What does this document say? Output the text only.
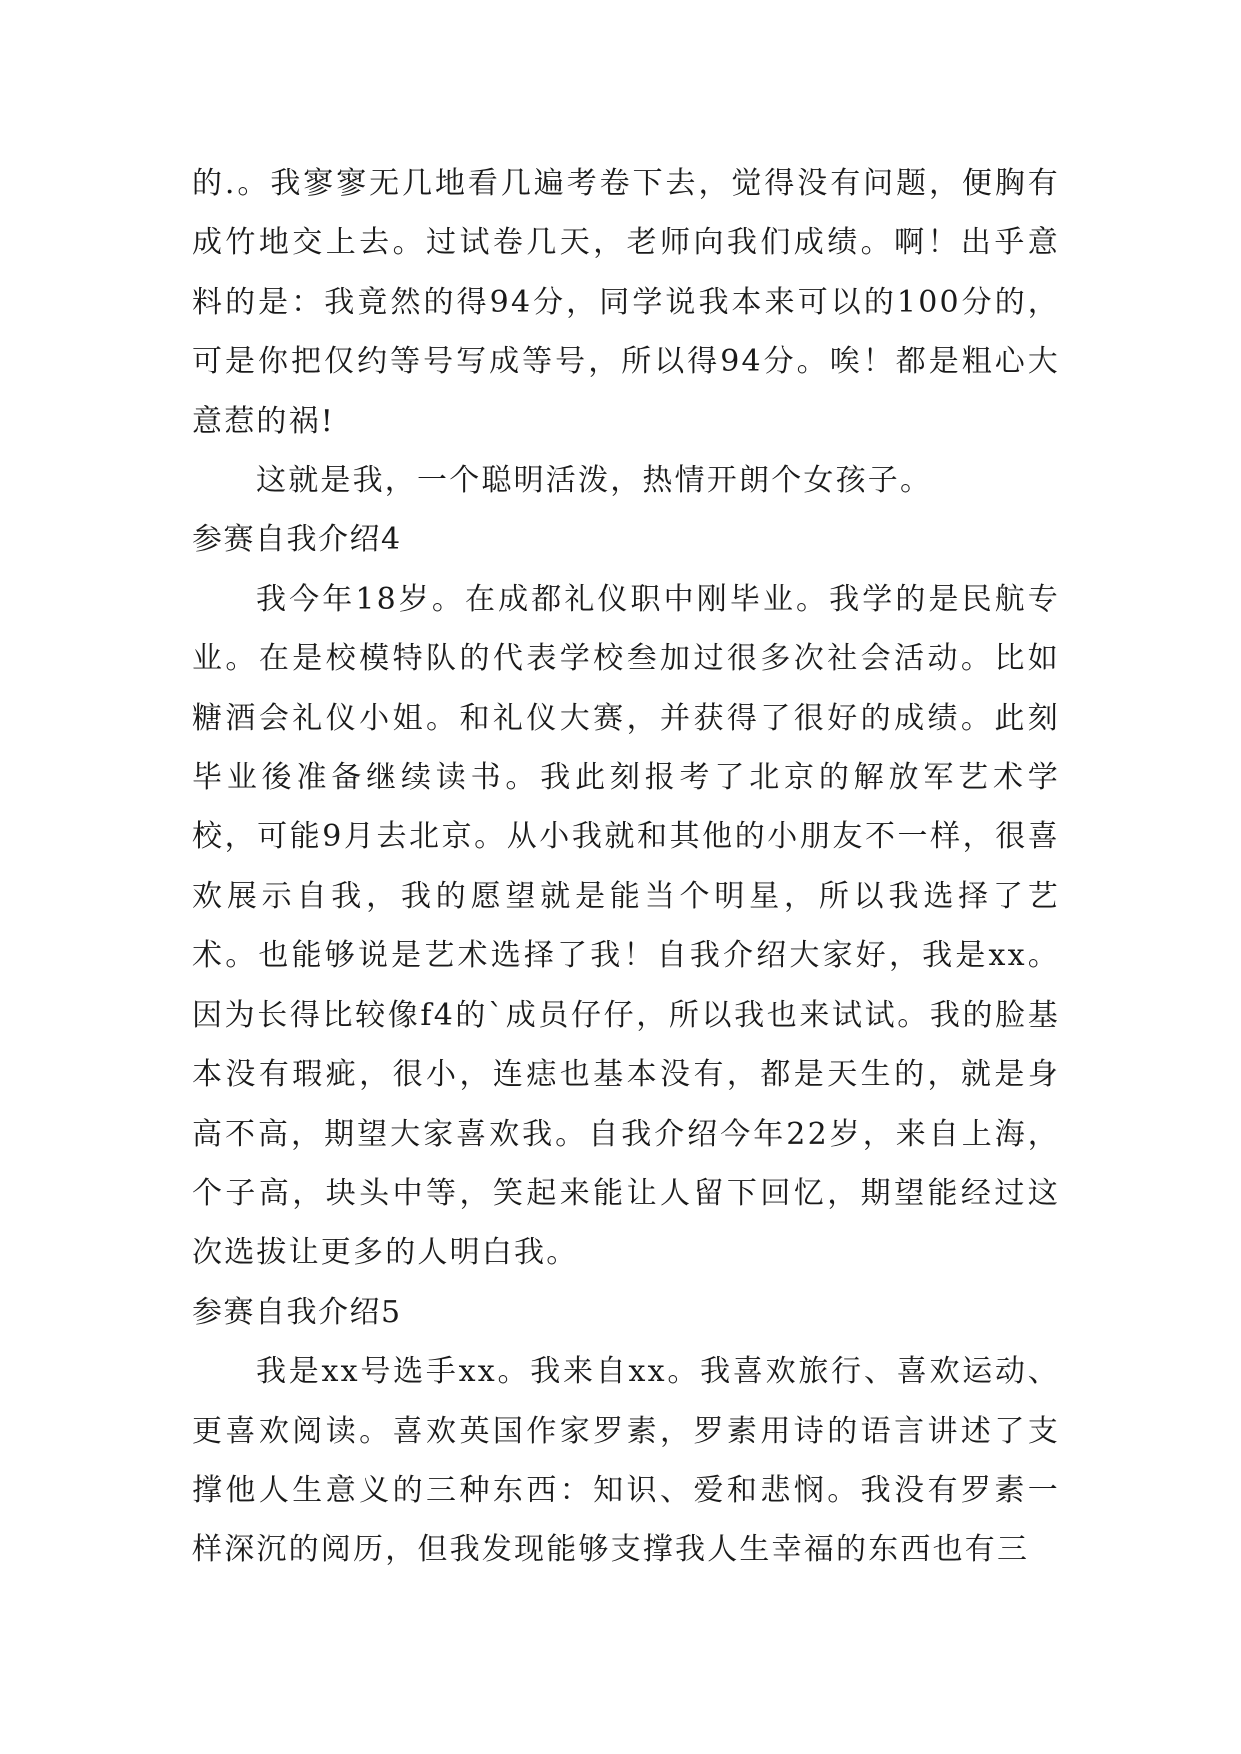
的.。我寥寥无几地看几遍考卷下去，觉得没有问题，便胸有成竹地交上去。过试卷几天，老师向我们成绩。啊！出乎意料的是：我竟然的得94分，同学说我本来可以的100分的，可是你把仅约等号写成等号，所以得94分。唉！都是粗心大意惹的祸!

这就是我，一个聪明活泼，热情开朗个女孩子。

参赛自我介绍4

我今年18岁。在成都礼仪职中刚毕业。我学的是民航专业。在是校模特队的代表学校叁加过很多次社会活动。比如糖酒会礼仪小姐。和礼仪大赛，并获得了很好的成绩。此刻毕业後准备继续读书。我此刻报考了北京的解放军艺术学校，可能9月去北京。从小我就和其他的小朋友不一样，很喜欢展示自我，我的愿望就是能当个明星，所以我选择了艺术。也能够说是艺术选择了我！自我介绍大家好，我是xx。因为长得比较像f4的`成员仔仔，所以我也来试试。我的脸基本没有瑕疵，很小，连痣也基本没有，都是天生的，就是身高不高，期望大家喜欢我。自我介绍今年22岁，来自上海，个子高，块头中等，笑起来能让人留下回忆，期望能经过这次选拔让更多的人明白我。

参赛自我介绍5

我是xx号选手xx。我来自xx。我喜欢旅行、喜欢运动、更喜欢阅读。喜欢英国作家罗素，罗素用诗的语言讲述了支撑他人生意义的三种东西：知识、爱和悲悯。我没有罗素一样深沉的阅历，但我发现能够支撑我人生幸福的东西也有三
